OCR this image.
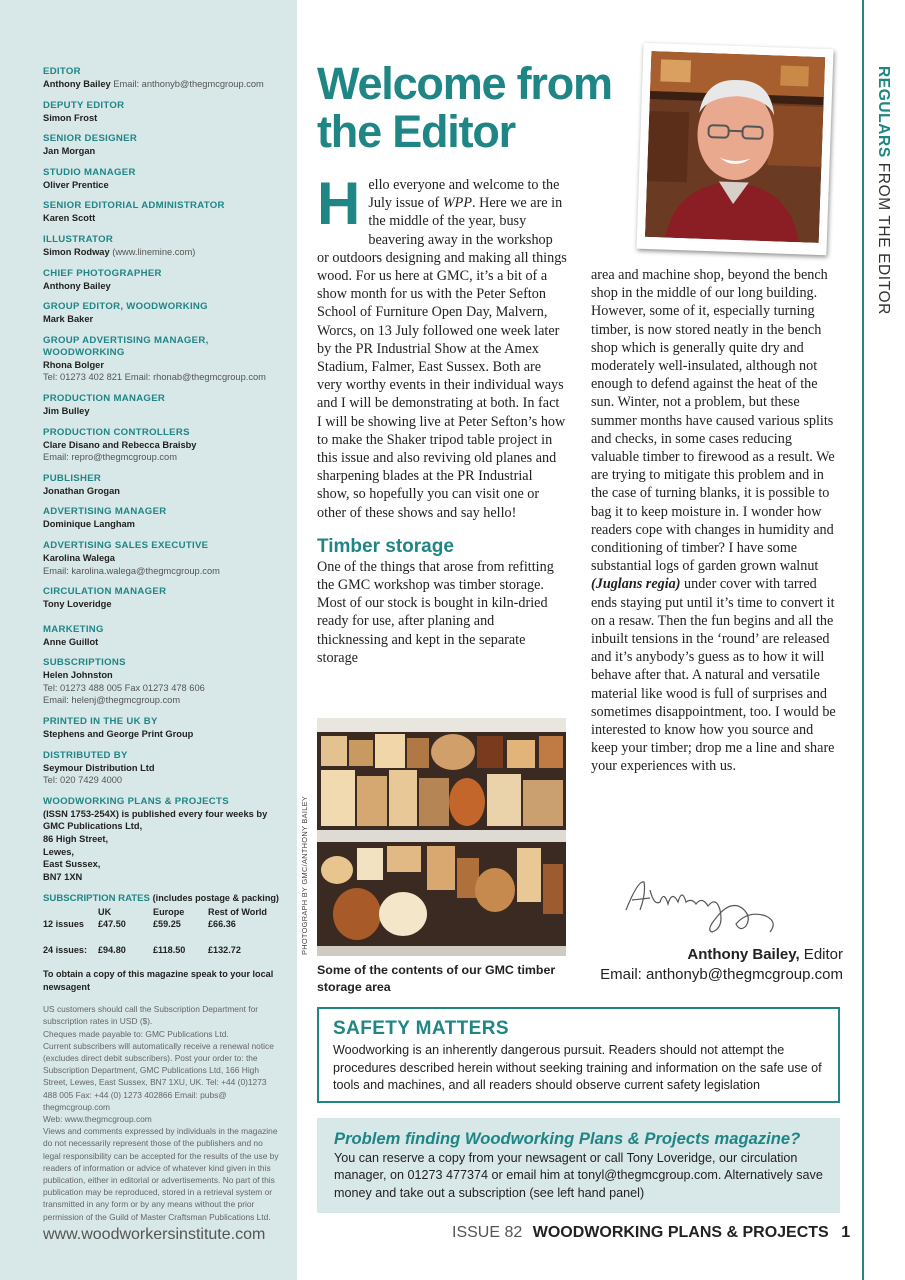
EDITOR
Anthony Bailey Email: anthonyb@thegmcgroup.com
DEPUTY EDITOR
Simon Frost
SENIOR DESIGNER
Jan Morgan
STUDIO MANAGER
Oliver Prentice
SENIOR EDITORIAL ADMINISTRATOR
Karen Scott
ILLUSTRATOR
Simon Rodway (www.linemine.com)
CHIEF PHOTOGRAPHER
Anthony Bailey
GROUP EDITOR, WOODWORKING
Mark Baker
GROUP ADVERTISING MANAGER, WOODWORKING
Rhona Bolger
Tel: 01273 402 821 Email: rhonab@thegmcgroup.com
PRODUCTION MANAGER
Jim Bulley
PRODUCTION CONTROLLERS
Clare Disano and Rebecca Braisby
Email: repro@thegmcgroup.com
PUBLISHER
Jonathan Grogan
ADVERTISING MANAGER
Dominique Langham
ADVERTISING SALES EXECUTIVE
Karolina Walega
Email: karolina.walega@thegmcgroup.com
CIRCULATION MANAGER
Tony Loveridge
MARKETING
Anne Guillot
SUBSCRIPTIONS
Helen Johnston
Tel: 01273 488 005 Fax 01273 478 606
Email: helenj@thegmcgroup.com
PRINTED IN THE UK BY
Stephens and George Print Group
DISTRIBUTED BY
Seymour Distribution Ltd
Tel: 020 7429 4000
WOODWORKING PLANS & PROJECTS
(ISSN 1753-254X) is published every four weeks by
GMC Publications Ltd,
86 High Street,
Lewes,
East Sussex,
BN7 1XN
SUBSCRIPTION RATES (includes postage & packing)
	UK	Europe	Rest of World
12 issues	£47.50	£59.25	£66.36
24 issues:	£94.80	£118.50	£132.72
To obtain a copy of this magazine speak to your local newsagent
US customers should call the Subscription Department for subscription rates in USD ($).
Cheques made payable to: GMC Publications Ltd.
Current subscribers will automatically receive a renewal notice (excludes direct debit subscribers). Post your order to: the Subscription Department, GMC Publications Ltd, 166 High Street, Lewes, East Sussex, BN7 1XU, UK. Tel: +44 (0)1273 488 005 Fax: +44 (0) 1273 402866 Email: pubs@ thegmcgroup.com
Web: www.thegmcgroup.com
Views and comments expressed by individuals in the magazine do not necessarily represent those of the publishers and no legal responsibility can be accepted for the results of the use by readers of information or advice of whatever kind given in this publication, either in editorial or advertisements. No part of this publication may be reproduced, stored in a retrieval system or transmitted in any form or by any means without the prior permission of the Guild of Master Craftsman Publications Ltd.
www.woodworkersinstitute.com
REGULARS FROM THE EDITOR
Welcome from the Editor
H ello everyone and welcome to the July issue of WPP. Here we are in the middle of the year, busy beavering away in the workshop or outdoors designing and making all things wood. For us here at GMC, it’s a bit of a show month for us with the Peter Sefton School of Furniture Open Day, Malvern, Worcs, on 13 July followed one week later by the PR Industrial Show at the Amex Stadium, Falmer, East Sussex. Both are very worthy events in their individual ways and I will be demonstrating at both. In fact I will be showing live at Peter Sefton’s how to make the Shaker tripod table project in this issue and also reviving old planes and sharpening blades at the PR Industrial show, so hopefully you can visit one or other of these shows and say hello!
Timber storage
One of the things that arose from refitting the GMC workshop was timber storage. Most of our stock is bought in kiln-dried ready for use, after planing and thicknessing and kept in the separate storage
area and machine shop, beyond the bench shop in the middle of our long building. However, some of it, especially turning timber, is now stored neatly in the bench shop which is generally quite dry and moderately well-insulated, although not enough to defend against the heat of the sun. Winter, not a problem, but these summer months have caused various splits and checks, in some cases reducing valuable timber to firewood as a result. We are trying to mitigate this problem and in the case of turning blanks, it is possible to bag it to keep moisture in. I wonder how readers cope with changes in humidity and conditioning of timber? I have some substantial logs of garden grown walnut (Juglans regia) under cover with tarred ends staying put until it’s time to convert it on a resaw. Then the fun begins and all the inbuilt tensions in the ‘round’ are released and it’s anybody’s guess as to how it will behave after that. A natural and versatile material like wood is full of surprises and sometimes disappointment, too. I would be interested to know how you source and keep your timber; drop me a line and share your experiences with us.
PHOTOGRAPH BY GMC/ANTHONY BAILEY
Some of the contents of our GMC timber storage area
Anthony Bailey, Editor
Email: anthonyb@thegmcgroup.com
SAFETY MATTERS

Woodworking is an inherently dangerous pursuit. Readers should not attempt the procedures described herein without seeking training and information on the safe use of tools and machines, and all readers should observe current safety legislation

Problem finding Woodworking Plans & Projects magazine?

You can reserve a copy from your newsagent or call Tony Loveridge, our circulation manager, on 01273 477374 or email him at tonyl@thegmcgroup.com. Alternatively save money and take out a subscription (see left hand panel)

ISSUE 82 WOODWORKING PLANS & PROJECTS 1
